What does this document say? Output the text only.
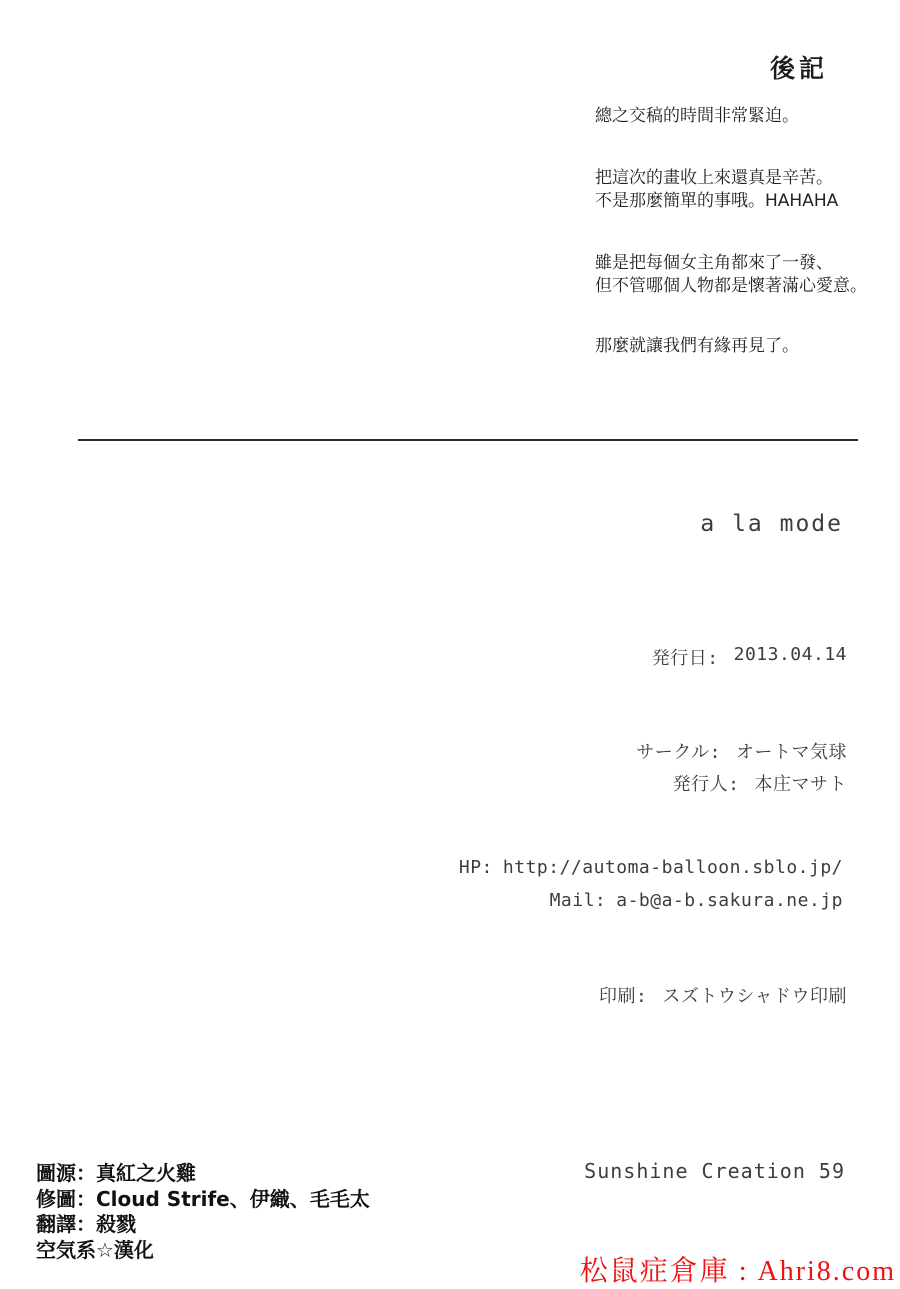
後記
總之交稿的時間非常緊迫。
把這次的畫收上來還真是辛苦。
不是那麼簡單的事哦。HAHAHA
雖是把每個女主角都來了一發、
但不管哪個人物都是懷著滿心愛意。
那麼就讓我們有緣再見了。
a la mode
発行日: 2013.04.14
サークル: オートマ気球
発行人: 本庄マサト
HP: http://automa-balloon.sblo.jp/
Mail: a-b@a-b.sakura.ne.jp
印刷: スズトウシャドウ印刷
Sunshine Creation 59
圖源：真紅之火雞
修圖：Cloud Strife、伊織、毛毛太
翻譯：殺戮
空気系☆漢化
松鼠症倉庫 : Ahri8.com
